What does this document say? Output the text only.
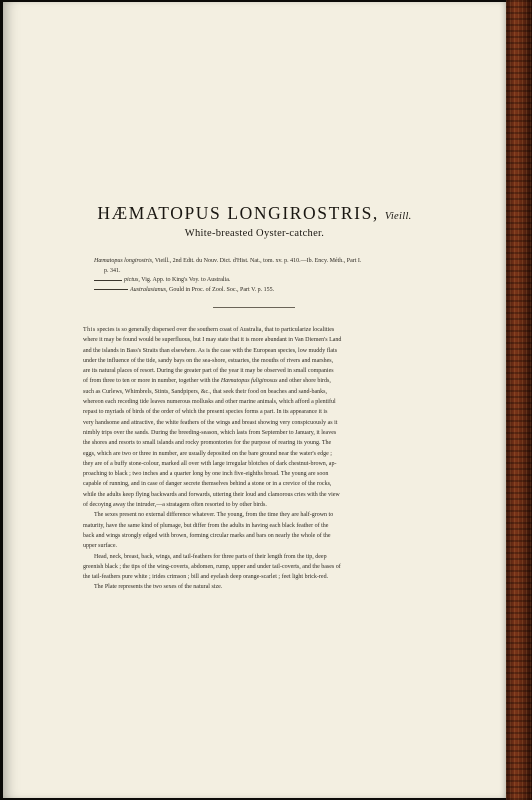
HÆMATOPUS LONGIROSTRIS, Vieill.
White-breasted Oyster-catcher.
Hæmatopus longirostris, Vieill., 2nd Edit. du Nouv. Dict. d'Hist. Nat., tom. xv. p. 410.—Ib. Ency. Méth., Part I.
p. 341.
pictus, Vig. App. to King's Voy. to Australia.
Australasianus, Gould in Proc. of Zool. Soc., Part V. p. 155.
This species is so generally dispersed over the southern coast of Australia, that to particularize localities
where it may be found would be superfluous, but I may state that it is more abundant in Van Diemen's Land
and the islands in Bass's Straits than elsewhere. As is the case with the European species, low muddy flats
under the influence of the tide, sandy bays on the sea-shore, estuaries, the mouths of rivers and marshes,
are its natural places of resort. During the greater part of the year it may be observed in small companies
of from three to ten or more in number, together with the Hæmatopus fuliginosus and other shore birds,
such as Curlews, Whimbrels, Stints, Sandpipers, &c., that seek their food on beaches and sand-banks,
whereon each receding tide leaves numerous mollusks and other marine animals, which afford a plentiful
repast to myriads of birds of the order of which the present species forms a part. In its appearance it is
very handsome and attractive, the white feathers of the wings and breast showing very conspicuously as it
nimbly trips over the sands. During the breeding-season, which lasts from September to January, it leaves
the shores and resorts to small islands and rocky promontories for the purpose of rearing its young. The
eggs, which are two or three in number, are usually deposited on the bare ground near the water's edge ;
they are of a buffy stone-colour, marked all over with large irregular blotches of dark chestnut-brown, ap-
proaching to black ; two inches and a quarter long by one inch five-eighths broad. The young are soon
capable of running, and in case of danger secrete themselves behind a stone or in a crevice of the rocks,
while the adults keep flying backwards and forwards, uttering their loud and clamorous cries with the view
of decoying away the intruder,—a stratagem often resorted to by other birds.
The sexes present no external difference whatever. The young, from the time they are half-grown to
maturity, have the same kind of plumage, but differ from the adults in having each black feather of the
back and wings strongly edged with brown, forming circular marks and bars on nearly the whole of the
upper surface.
Head, neck, breast, back, wings, and tail-feathers for three parts of their length from the tip, deep
greenish black ; the tips of the wing-coverts, abdomen, rump, upper and under tail-coverts, and the bases of
the tail-feathers pure white ; irides crimson ; bill and eyelash deep orange-scarlet ; feet light brick-red.
The Plate represents the two sexes of the natural size.
